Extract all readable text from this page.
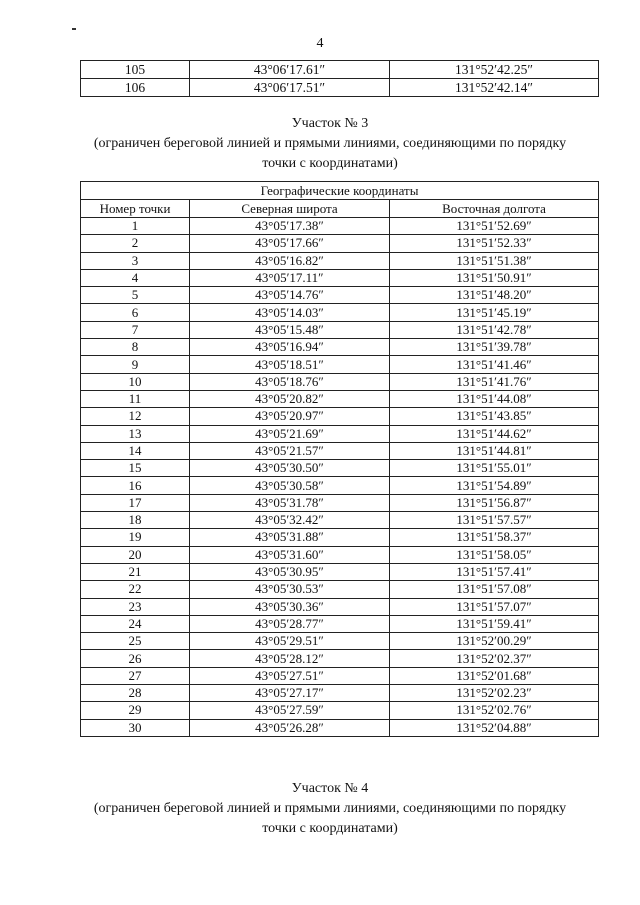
4
105	43°06′17.61″	131°52′42.25″
106	43°06′17.51″	131°52′42.14″
Участок № 3
(ограничен береговой линией и прямыми линиями, соединяющими по порядку
точки с координатами)
Географические координаты		
Номер точки	Северная широта	Восточная долгота
1	43°05′17.38″	131°51′52.69″
2	43°05′17.66″	131°51′52.33″
3	43°05′16.82″	131°51′51.38″
4	43°05′17.11″	131°51′50.91″
5	43°05′14.76″	131°51′48.20″
6	43°05′14.03″	131°51′45.19″
7	43°05′15.48″	131°51′42.78″
8	43°05′16.94″	131°51′39.78″
9	43°05′18.51″	131°51′41.46″
10	43°05′18.76″	131°51′41.76″
11	43°05′20.82″	131°51′44.08″
12	43°05′20.97″	131°51′43.85″
13	43°05′21.69″	131°51′44.62″
14	43°05′21.57″	131°51′44.81″
15	43°05′30.50″	131°51′55.01″
16	43°05′30.58″	131°51′54.89″
17	43°05′31.78″	131°51′56.87″
18	43°05′32.42″	131°51′57.57″
19	43°05′31.88″	131°51′58.37″
20	43°05′31.60″	131°51′58.05″
21	43°05′30.95″	131°51′57.41″
22	43°05′30.53″	131°51′57.08″
23	43°05′30.36″	131°51′57.07″
24	43°05′28.77″	131°51′59.41″
25	43°05′29.51″	131°52′00.29″
26	43°05′28.12″	131°52′02.37″
27	43°05′27.51″	131°52′01.68″
28	43°05′27.17″	131°52′02.23″
29	43°05′27.59″	131°52′02.76″
30	43°05′26.28″	131°52′04.88″
Участок № 4
(ограничен береговой линией и прямыми линиями, соединяющими по порядку
точки с координатами)
